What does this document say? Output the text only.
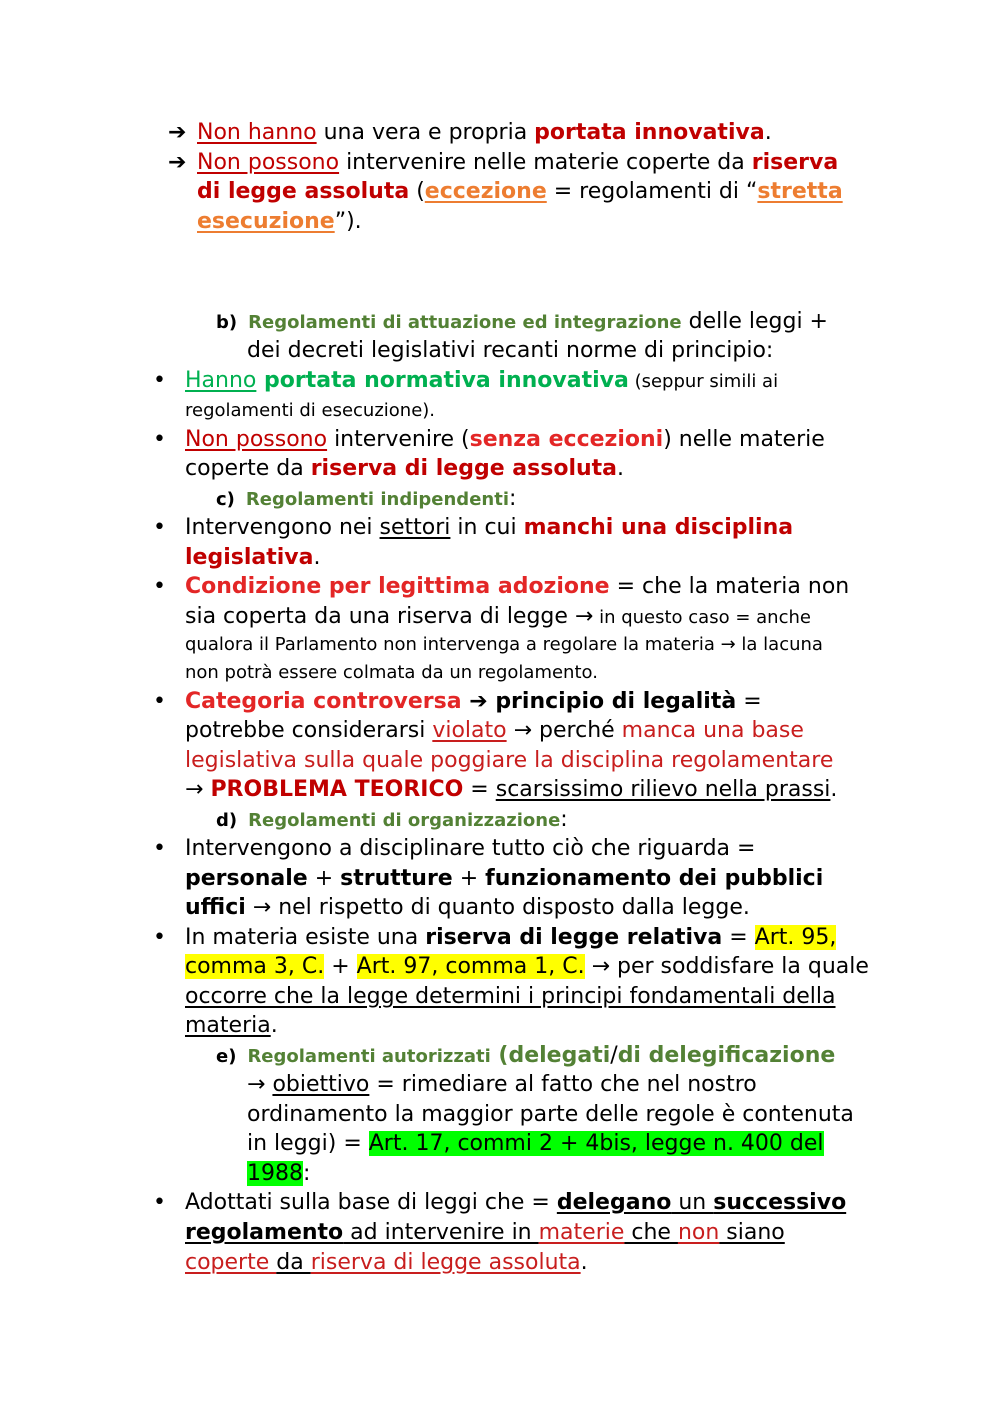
➔ Non hanno una vera e propria portata innovativa.
➔ Non possono intervenire nelle materie coperte da riserva
di legge assoluta (eccezione = regolamenti di “stretta
esecuzione”).
b) Regolamenti di attuazione ed integrazione delle leggi +
dei decreti legislativi recanti norme di principio:
• Hanno portata normativa innovativa (seppur simili ai
regolamenti di esecuzione).
• Non possono intervenire (senza eccezioni) nelle materie
coperte da riserva di legge assoluta.
c) Regolamenti indipendenti:
• Intervengono nei settori in cui manchi una disciplina
legislativa.
• Condizione per legittima adozione = che la materia non
sia coperta da una riserva di legge → in questo caso = anche
qualora il Parlamento non intervenga a regolare la materia → la lacuna
non potrà essere colmata da un regolamento.
• Categoria controversa ➔ principio di legalità =
potrebbe considerarsi violato → perché manca una base
legislativa sulla quale poggiare la disciplina regolamentare
→ PROBLEMA TEORICO = scarsissimo rilievo nella prassi.
d) Regolamenti di organizzazione:
• Intervengono a disciplinare tutto ciò che riguarda =
personale + strutture + funzionamento dei pubblici
uffici → nel rispetto di quanto disposto dalla legge.
• In materia esiste una riserva di legge relativa = Art. 95,
comma 3, C. + Art. 97, comma 1, C. → per soddisfare la quale
occorre che la legge determini i principi fondamentali della
materia.
e) Regolamenti autorizzati (delegati/di delegificazione
→ obiettivo = rimediare al fatto che nel nostro
ordinamento la maggior parte delle regole è contenuta
in leggi) = Art. 17, commi 2 + 4bis, legge n. 400 del
1988:
• Adottati sulla base di leggi che = delegano un successivo
regolamento ad intervenire in materie che non siano
coperte da riserva di legge assoluta.
